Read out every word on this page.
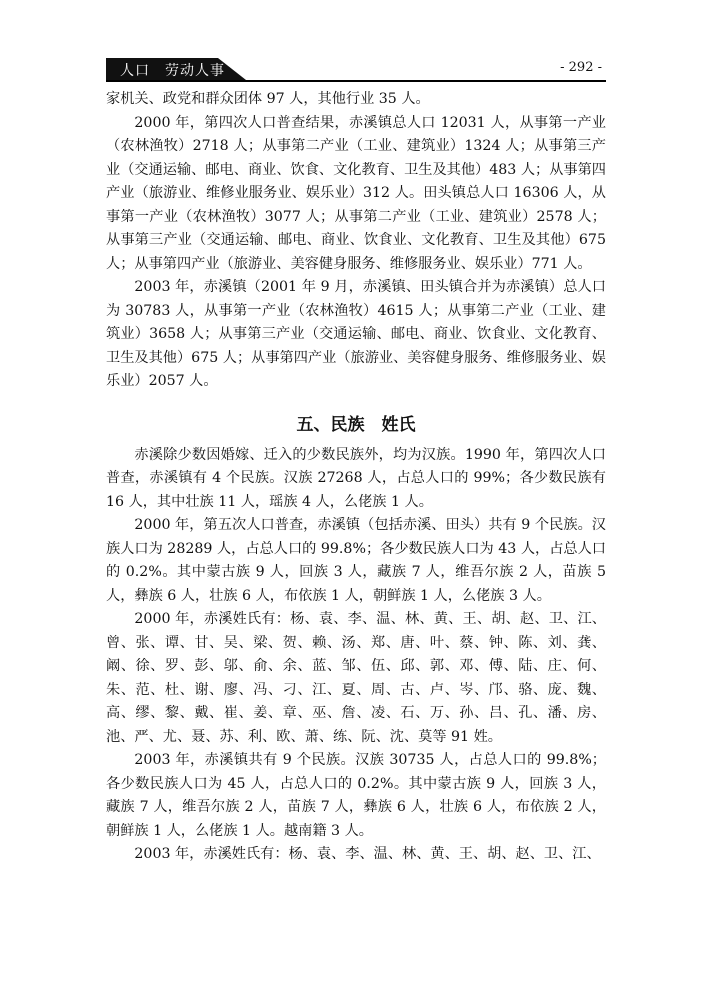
人口　劳动人事	- 292 -

家机关、政党和群众团体 97 人，其他行业 35 人。

2000 年，第四次人口普查结果，赤溪镇总人口 12031 人，从事第一产业（农林渔牧）2718 人；从事第二产业（工业、建筑业）1324 人；从事第三产业（交通运输、邮电、商业、饮食、文化教育、卫生及其他）483 人；从事第四产业（旅游业、维修业服务业、娱乐业）312 人。田头镇总人口 16306 人，从事第一产业（农林渔牧）3077 人；从事第二产业（工业、建筑业）2578 人；从事第三产业（交通运输、邮电、商业、饮食业、文化教育、卫生及其他）675 人；从事第四产业（旅游业、美容健身服务、维修服务业、娱乐业）771 人。

2003 年，赤溪镇（2001 年 9 月，赤溪镇、田头镇合并为赤溪镇）总人口为 30783 人，从事第一产业（农林渔牧）4615 人；从事第二产业（工业、建筑业）3658 人；从事第三产业（交通运输、邮电、商业、饮食业、文化教育、卫生及其他）675 人；从事第四产业（旅游业、美容健身服务、维修服务业、娱乐业）2057 人。

五、民族　姓氏

赤溪除少数因婚嫁、迁入的少数民族外，均为汉族。1990 年，第四次人口普查，赤溪镇有 4 个民族。汉族 27268 人，占总人口的 99%；各少数民族有 16 人，其中壮族 11 人，瑶族 4 人，么佬族 1 人。

2000 年，第五次人口普查，赤溪镇（包括赤溪、田头）共有 9 个民族。汉族人口为 28289 人，占总人口的 99.8%；各少数民族人口为 43 人，占总人口的 0.2%。其中蒙古族 9 人，回族 3 人，藏族 7 人，维吾尔族 2 人，苗族 5 人，彝族 6 人，壮族 6 人，布依族 1 人，朝鲜族 1 人，么佬族 3 人。

2000 年，赤溪姓氏有：杨、袁、李、温、林、黄、王、胡、赵、卫、江、曾、张、谭、甘、吴、梁、贺、赖、汤、郑、唐、叶、蔡、钟、陈、刘、龚、阚、徐、罗、彭、邬、俞、余、蓝、邹、伍、邱、郭、邓、傅、陆、庄、何、朱、范、杜、谢、廖、冯、刁、江、夏、周、古、卢、岑、邝、骆、庞、魏、高、缪、黎、戴、崔、姜、章、巫、詹、凌、石、万、孙、吕、孔、潘、房、池、严、尤、聂、苏、利、欧、萧、练、阮、沈、莫等 91 姓。

2003 年，赤溪镇共有 9 个民族。汉族 30735 人，占总人口的 99.8%；各少数民族人口为 45 人，占总人口的 0.2%。其中蒙古族 9 人，回族 3 人，藏族 7 人，维吾尔族 2 人，苗族 7 人，彝族 6 人，壮族 6 人，布依族 2 人，朝鲜族 1 人，么佬族 1 人。越南籍 3 人。

2003 年，赤溪姓氏有：杨、袁、李、温、林、黄、王、胡、赵、卫、江、
